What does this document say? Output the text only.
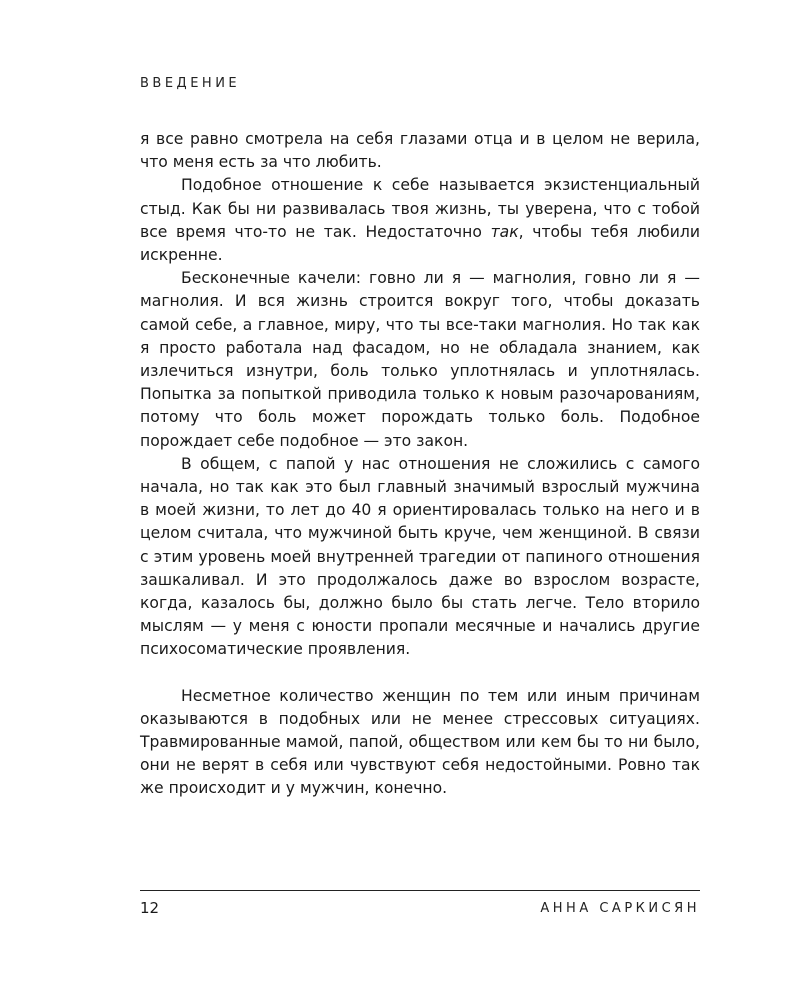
ВВЕДЕНИЕ

я все равно смотрела на себя глазами отца и в целом не верила, что меня есть за что любить.

Подобное отношение к себе называется экзистенциальный стыд. Как бы ни развивалась твоя жизнь, ты уверена, что с тобой все время что-то не так. Недостаточно так, чтобы тебя любили искренне.

Бесконечные качели: говно ли я — магнолия, говно ли я — магнолия. И вся жизнь строится вокруг того, чтобы доказать самой себе, а главное, миру, что ты все-таки магнолия. Но так как я просто работала над фасадом, но не обладала знанием, как излечиться изнутри, боль только уплотнялась и уплотнялась. Попытка за попыткой приводила только к новым разочарованиям, потому что боль может порождать только боль. Подобное порождает себе подобное — это закон.

В общем, с папой у нас отношения не сложились с самого начала, но так как это был главный значимый взрослый мужчина в моей жизни, то лет до 40 я ориентировалась только на него и в целом считала, что мужчиной быть круче, чем женщиной. В связи с этим уровень моей внутренней трагедии от папиного отношения зашкаливал. И это продолжалось даже во взрослом возрасте, когда, казалось бы, должно было бы стать легче. Тело вторило мыслям — у меня с юности пропали месячные и начались другие психосоматические проявления.

Несметное количество женщин по тем или иным причинам оказываются в подобных или не менее стрессовых ситуациях. Травмированные мамой, папой, обществом или кем бы то ни было, они не верят в себя или чувствуют себя недостойными. Ровно так же происходит и у мужчин, конечно.

12	АННА САРКИСЯН
